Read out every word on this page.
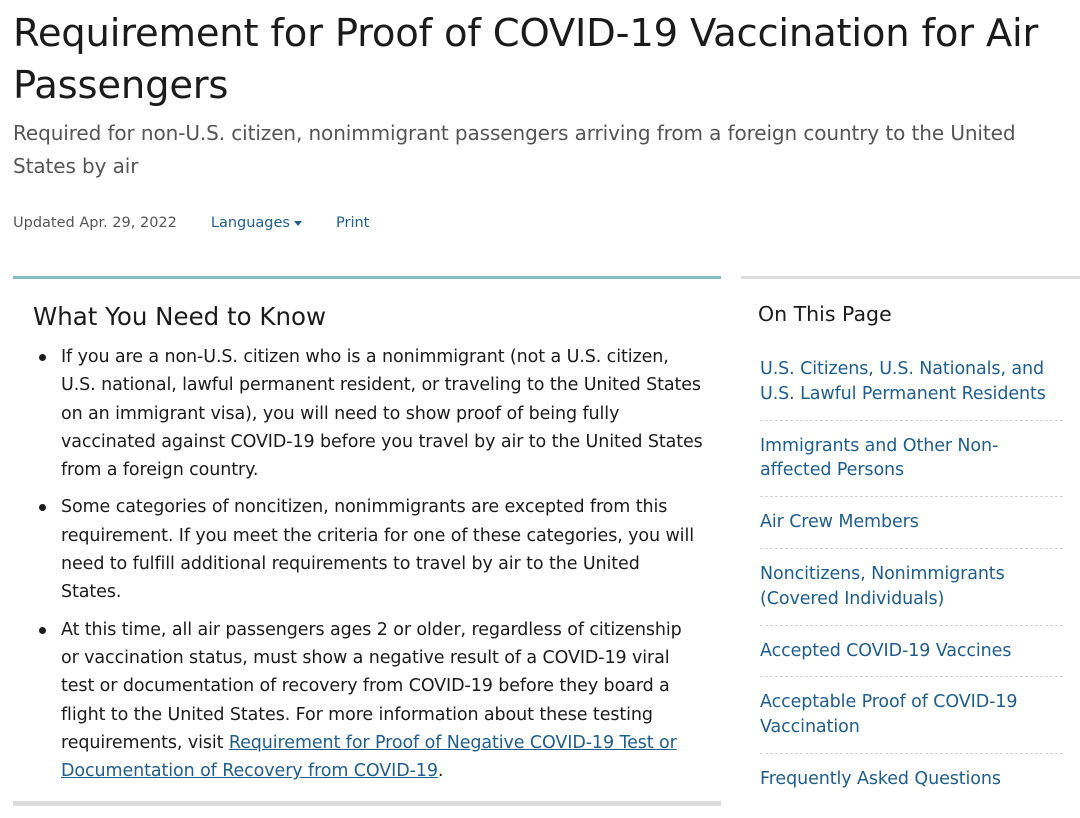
Requirement for Proof of COVID-19 Vaccination for Air Passengers

Required for non-U.S. citizen, nonimmigrant passengers arriving from a foreign country to the United States by air

Updated Apr. 29, 2022 Languages	Print
What You Need to Know
If you are a non-U.S. citizen who is a nonimmigrant (not a U.S. citizen, U.S. national, lawful permanent resident, or traveling to the United States on an immigrant visa), you will need to show proof of being fully vaccinated against COVID-19 before you travel by air to the United States from a foreign country.
Some categories of noncitizen, nonimmigrants are excepted from this requirement. If you meet the criteria for one of these categories, you will need to fulfill additional requirements to travel by air to the United States.
At this time, all air passengers ages 2 or older, regardless of citizenship or vaccination status, must show a negative result of a COVID-19 viral test or documentation of recovery from COVID-19 before they board a flight to the United States. For more information about these testing requirements, visit Requirement for Proof of Negative COVID-19 Test or Documentation of Recovery from COVID-19.
On This Page
U.S. Citizens, U.S. Nationals, and U.S. Lawful Permanent Residents
Immigrants and Other Non-affected Persons
Air Crew Members
Noncitizens, Nonimmigrants (Covered Individuals)
Accepted COVID-19 Vaccines
Acceptable Proof of COVID-19 Vaccination
Frequently Asked Questions
